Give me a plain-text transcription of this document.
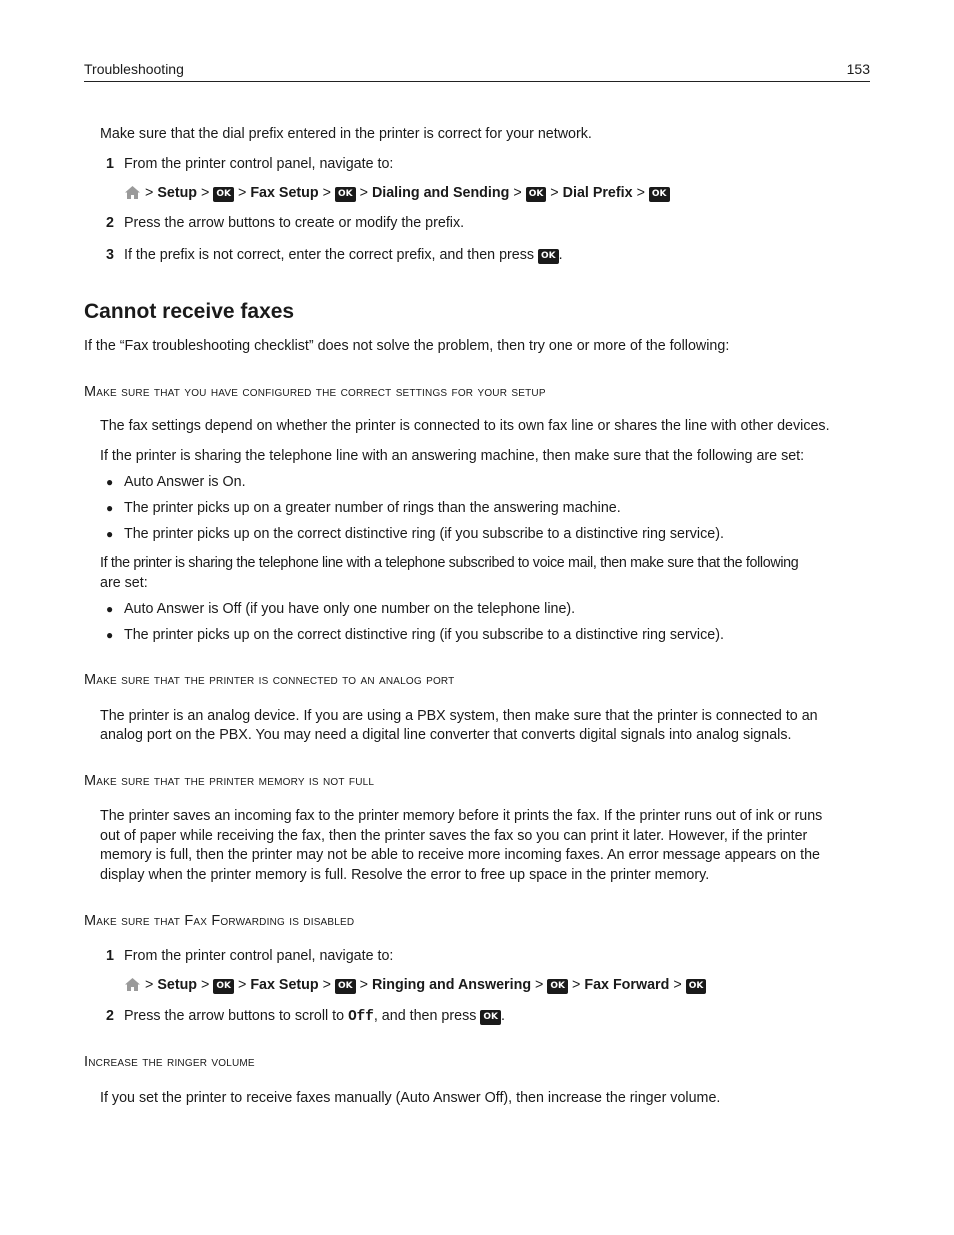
Troubleshooting	153
Make sure that the dial prefix entered in the printer is correct for your network.
1 From the printer control panel, navigate to:
> Setup > OK > Fax Setup > OK > Dialing and Sending > OK > Dial Prefix > OK
2 Press the arrow buttons to create or modify the prefix.
3 If the prefix is not correct, enter the correct prefix, and then press OK .
Cannot receive faxes
If the “Fax troubleshooting checklist” does not solve the problem, then try one or more of the following:
Make sure that you have configured the correct settings for your setup
The fax settings depend on whether the printer is connected to its own fax line or shares the line with other devices.
If the printer is sharing the telephone line with an answering machine, then make sure that the following are set:
● Auto Answer is On.
● The printer picks up on a greater number of rings than the answering machine.
● The printer picks up on the correct distinctive ring (if you subscribe to a distinctive ring service).
If the printer is sharing the telephone line with a telephone subscribed to voice mail, then make sure that the following
are set:
● Auto Answer is Off (if you have only one number on the telephone line).
● The printer picks up on the correct distinctive ring (if you subscribe to a distinctive ring service).
Make sure that the printer is connected to an analog port
The printer is an analog device. If you are using a PBX system, then make sure that the printer is connected to an
analog port on the PBX. You may need a digital line converter that converts digital signals into analog signals.
Make sure that the printer memory is not full
The printer saves an incoming fax to the printer memory before it prints the fax. If the printer runs out of ink or runs
out of paper while receiving the fax, then the printer saves the fax so you can print it later. However, if the printer
memory is full, then the printer may not be able to receive more incoming faxes. An error message appears on the
display when the printer memory is full. Resolve the error to free up space in the printer memory.
Make sure that Fax Forwarding is disabled
1 From the printer control panel, navigate to:
> Setup > OK > Fax Setup > OK > Ringing and Answering > OK > Fax Forward > OK
2 Press the arrow buttons to scroll to Off, and then press OK .
Increase the ringer volume
If you set the printer to receive faxes manually (Auto Answer Off), then increase the ringer volume.
